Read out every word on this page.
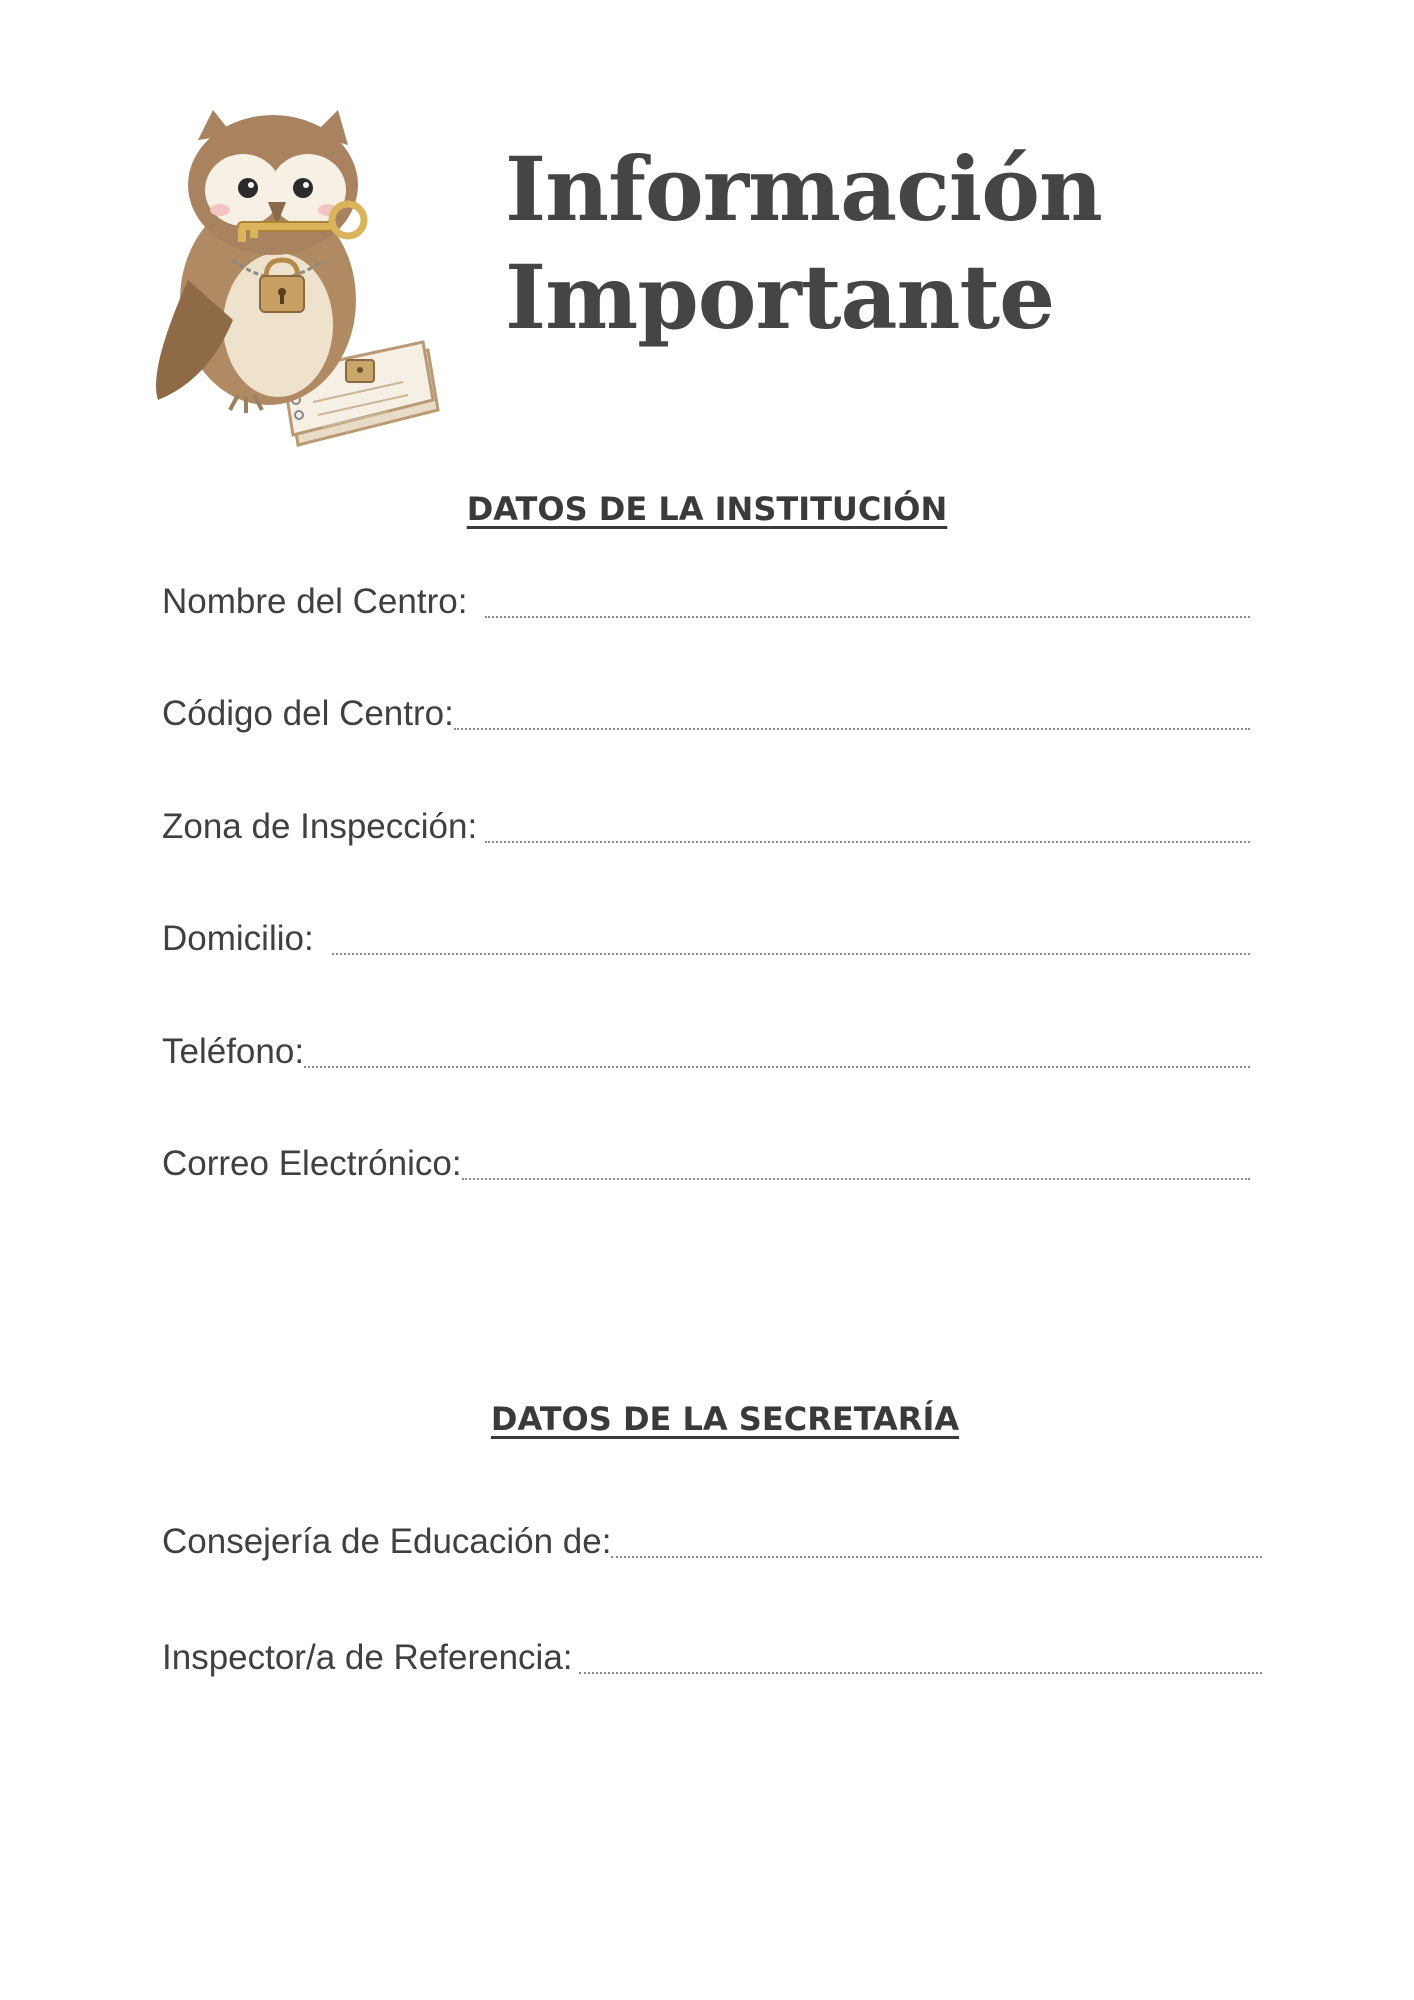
Información
Importante
DATOS DE LA INSTITUCIÓN
Nombre del Centro:
Código del Centro:
Zona de Inspección:
Domicilio:
Teléfono:
Correo Electrónico:
DATOS DE LA SECRETARÍA
Consejería de Educación de:
Inspector/a de Referencia:
